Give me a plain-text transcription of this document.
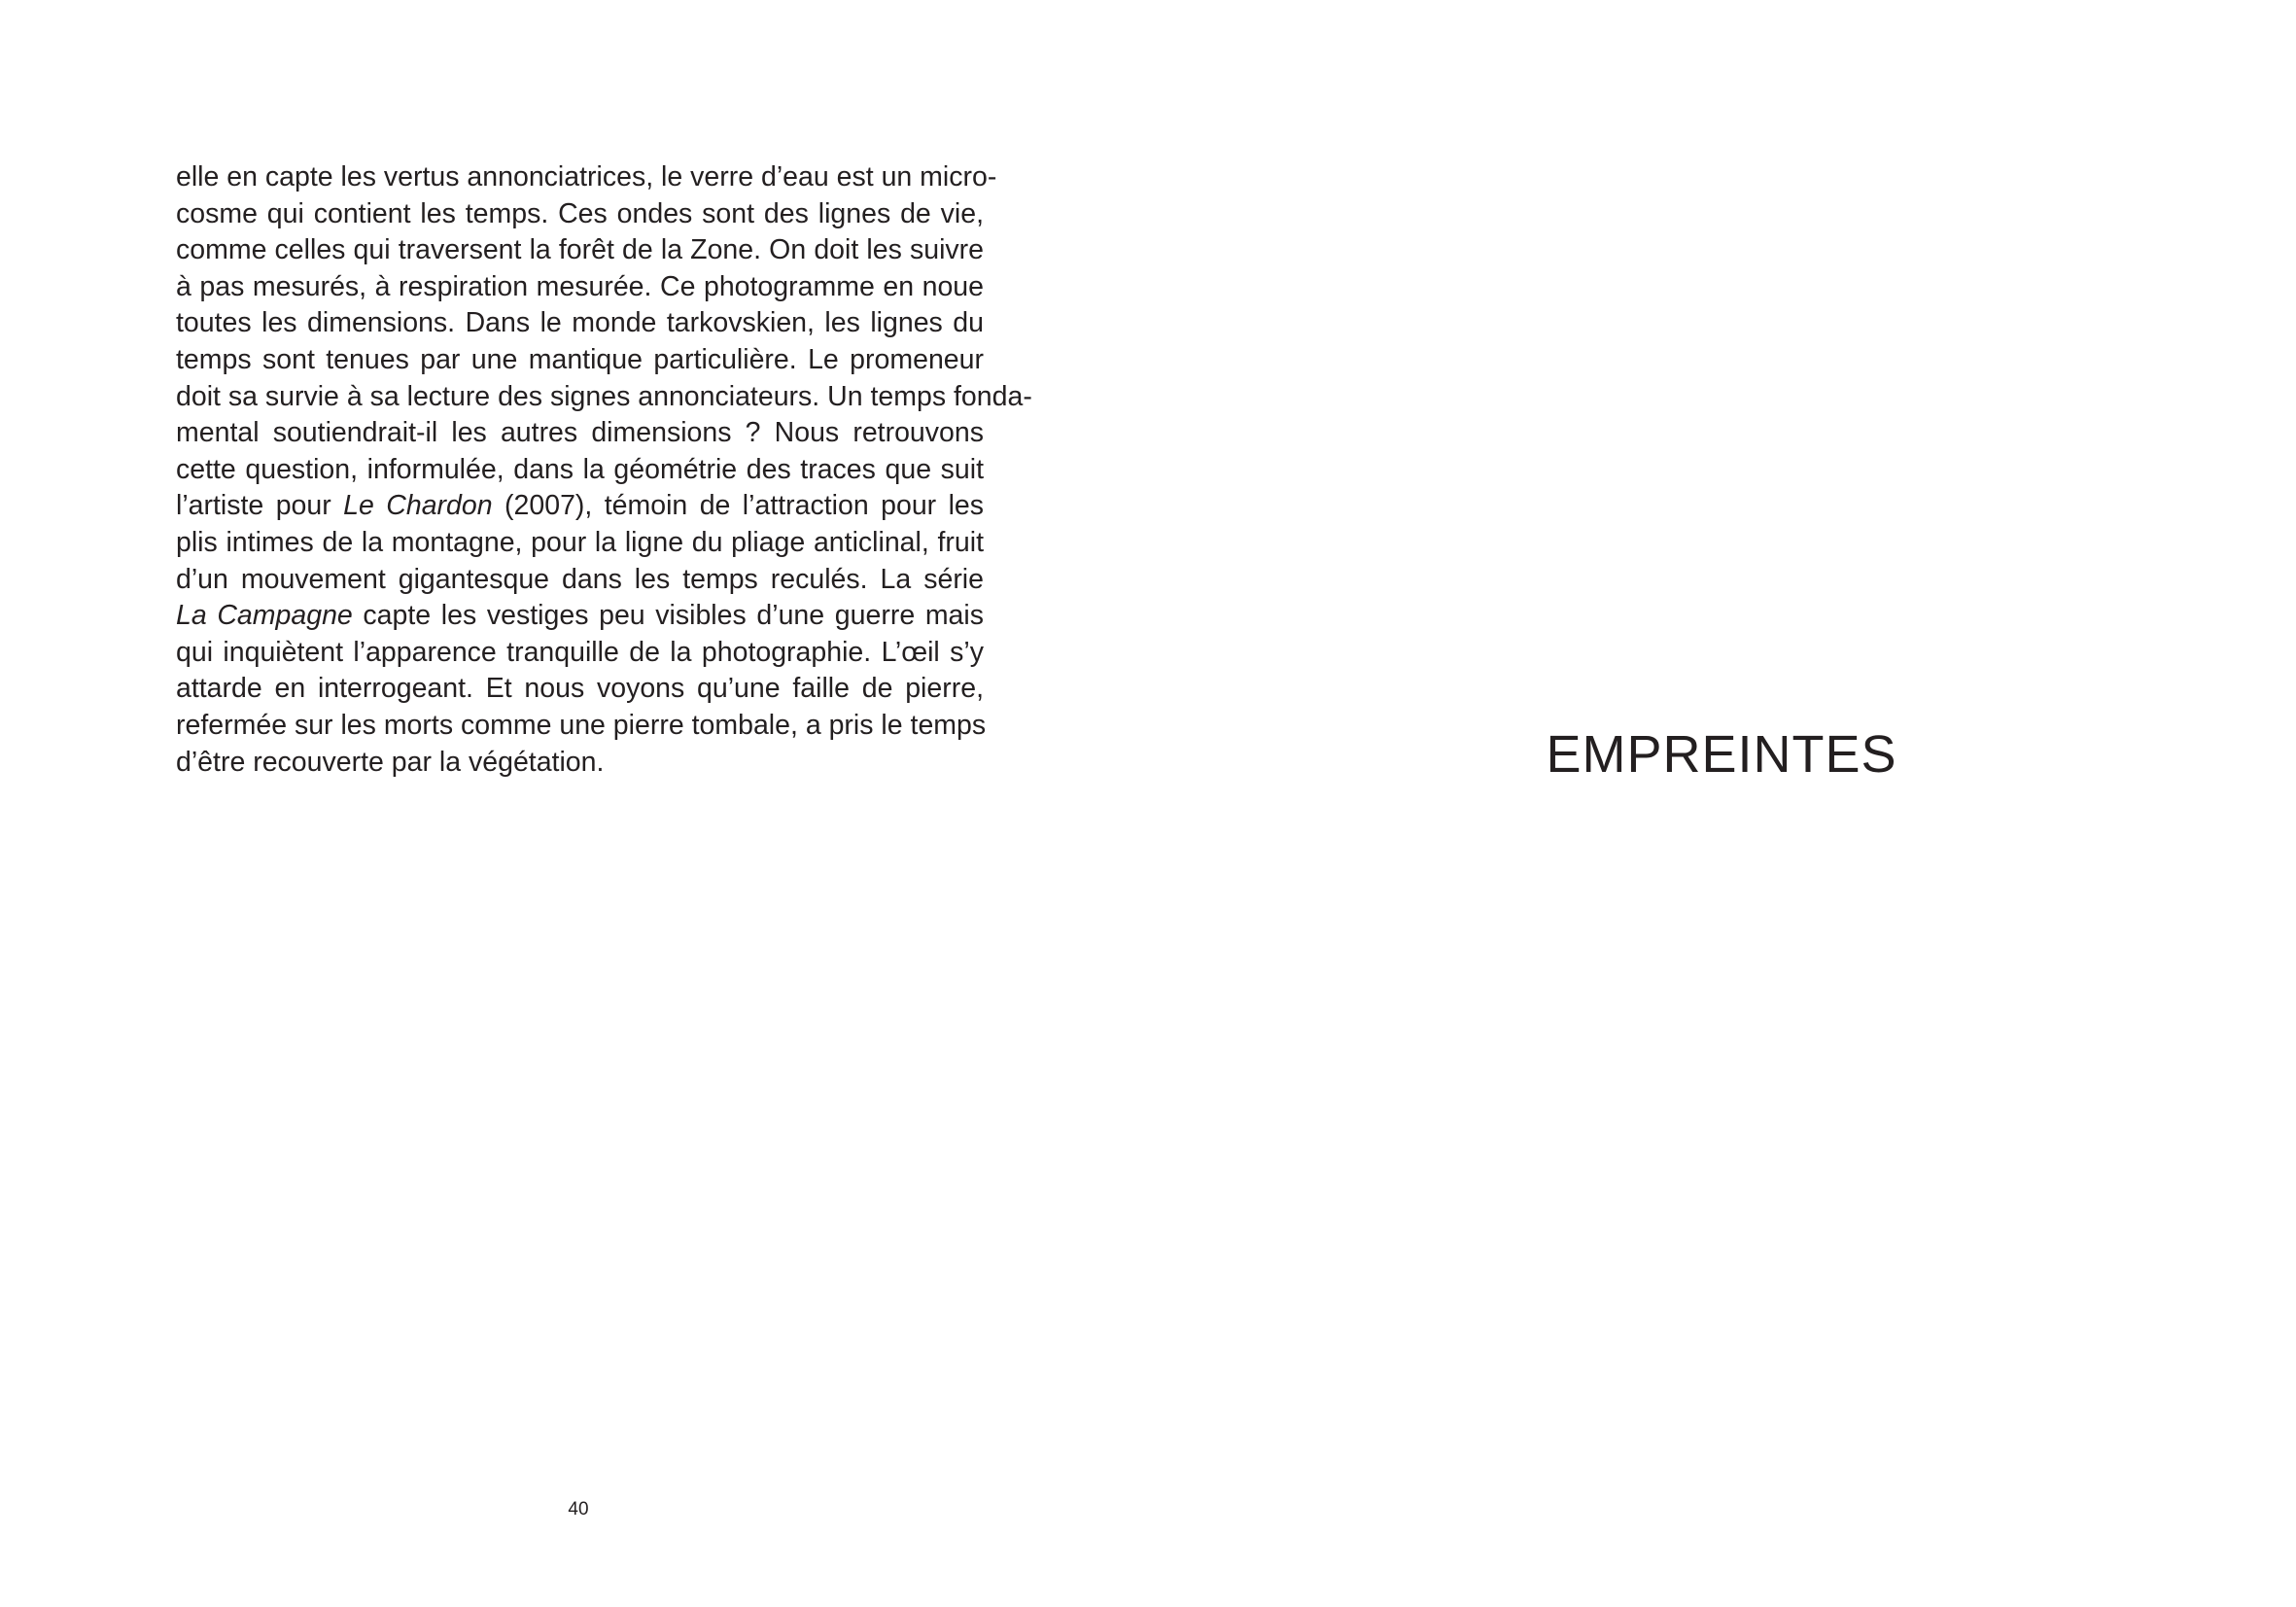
elle en capte les vertus annonciatrices, le verre d’eau est un micro-
cosme qui contient les temps. Ces ondes sont des lignes de vie,
comme celles qui traversent la forêt de la Zone. On doit les suivre
à pas mesurés, à respiration mesurée. Ce photogramme en noue
toutes les dimensions. Dans le monde tarkovskien, les lignes du
temps sont tenues par une mantique particulière. Le promeneur
doit sa survie à sa lecture des signes annonciateurs. Un temps fonda-
mental soutiendrait-il les autres dimensions ? Nous retrouvons
cette question, informulée, dans la géométrie des traces que suit
l’artiste pour Le Chardon (2007), témoin de l’attraction pour les
plis intimes de la montagne, pour la ligne du pliage anticlinal, fruit
d’un mouvement gigantesque dans les temps reculés. La série
La Campagne capte les vestiges peu visibles d’une guerre mais
qui inquiètent l’apparence tranquille de la photographie. L’œil s’y
attarde en interrogeant. Et nous voyons qu’une faille de pierre,
refermée sur les morts comme une pierre tombale, a pris le temps
d’être recouverte par la végétation.

40
EMPREINTES
